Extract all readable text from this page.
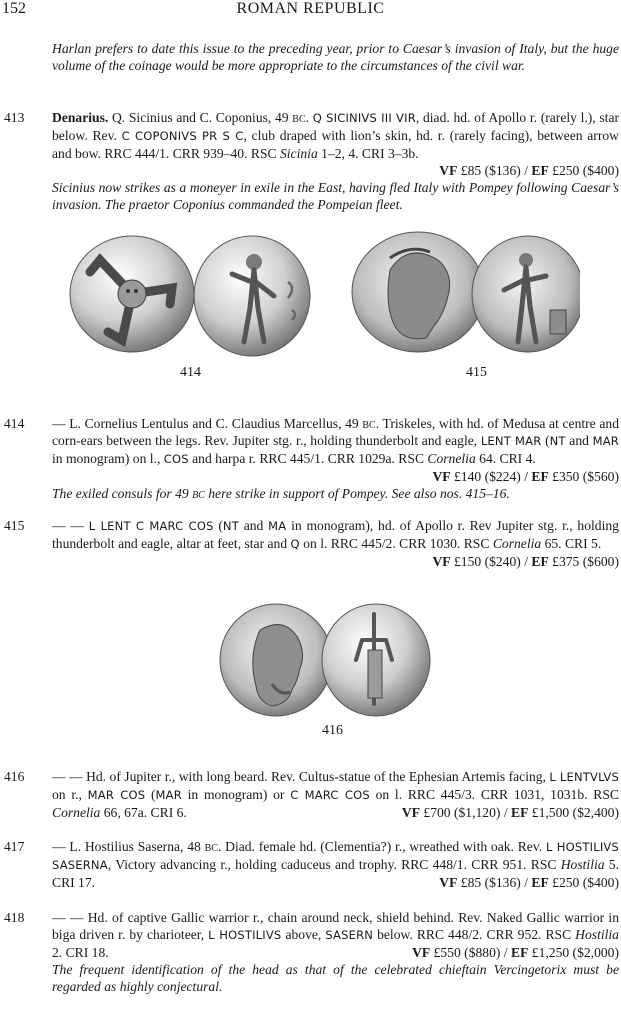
152	ROMAN REPUBLIC
Harlan prefers to date this issue to the preceding year, prior to Caesar’s invasion of Italy, but the huge volume of the coinage would be more appropriate to the circumstances of the civil war.
413 Denarius. Q. Sicinius and C. Coponius, 49 bc. Q SICINIVS III VIR, diad. hd. of Apollo r. (rarely l.), star below. Rev. C COPONIVS PR S C, club draped with lion’s skin, hd. r. (rarely facing), between arrow and bow. RRC 444/1. CRR 939–40. RSC Sicinia 1–2, 4. CRI 3–3b.
VF £85 ($136) / EF £250 ($400)
Sicinius now strikes as a moneyer in exile in the East, having fled Italy with Pompey following Caesar’s invasion. The praetor Coponius commanded the Pompeian fleet.
414	415
414 — L. Cornelius Lentulus and C. Claudius Marcellus, 49 bc. Triskeles, with hd. of Medusa at centre and corn-ears between the legs. Rev. Jupiter stg. r., holding thunderbolt and eagle, LENT MAR (NT and MAR in monogram) on l., COS and harpa r. RRC 445/1. CRR 1029a. RSC Cornelia 64. CRI 4.
VF £140 ($224) / EF £350 ($560)
The exiled consuls for 49 bc here strike in support of Pompey. See also nos. 415–16.
415 — — L LENT C MARC COS (NT and MA in monogram), hd. of Apollo r. Rev Jupiter stg. r., holding thunderbolt and eagle, altar at feet, star and Q on l. RRC 445/2. CRR 1030. RSC Cornelia 65. CRI 5.
VF £150 ($240) / EF £375 ($600)
416
416 — — Hd. of Jupiter r., with long beard. Rev. Cultus-statue of the Ephesian Artemis facing, L LENTVLVS on r., MAR COS (MAR in monogram) or C MARC COS on l. RRC 445/3. CRR 1031, 1031b. RSC Cornelia 66, 67a. CRI 6.	VF £700 ($1,120) / EF £1,500 ($2,400)
417 — L. Hostilius Saserna, 48 bc. Diad. female hd. (Clementia?) r., wreathed with oak. Rev. L HOSTILIVS SASERNA, Victory advancing r., holding caduceus and trophy. RRC 448/1. CRR 951. RSC Hostilia 5. CRI 17.	VF £85 ($136) / EF £250 ($400)
418 — — Hd. of captive Gallic warrior r., chain around neck, shield behind. Rev. Naked Gallic warrior in biga driven r. by charioteer, L HOSTILIVS above, SASERN below. RRC 448/2. CRR 952. RSC Hostilia 2. CRI 18.	VF £550 ($880) / EF £1,250 ($2,000)
The frequent identification of the head as that of the celebrated chieftain Vercingetorix must be regarded as highly conjectural.
